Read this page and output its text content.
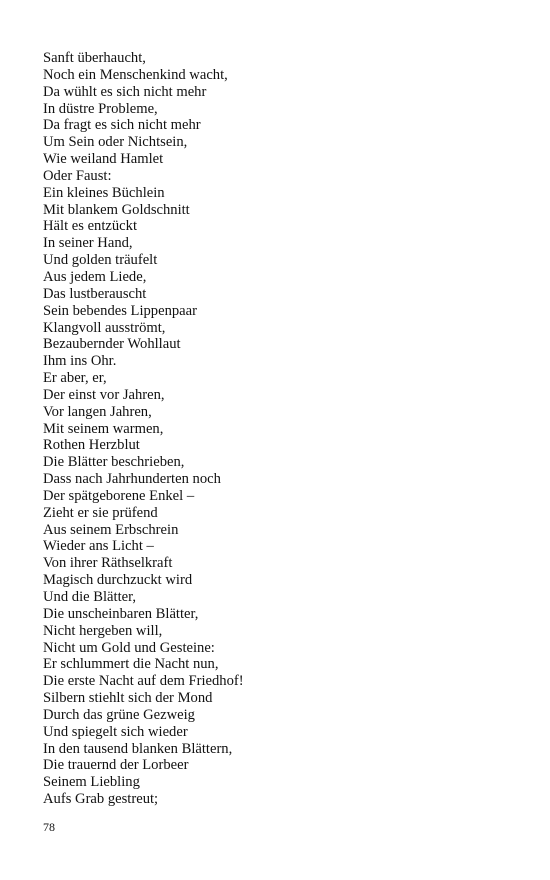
Sanft überhaucht,
Noch ein Menschenkind wacht,
Da wühlt es sich nicht mehr
In düstre Probleme,
Da fragt es sich nicht mehr
Um Sein oder Nichtsein,
Wie weiland Hamlet
Oder Faust:
Ein kleines Büchlein
Mit blankem Goldschnitt
Hält es entzückt
In seiner Hand,
Und golden träufelt
Aus jedem Liede,
Das lustberauscht
Sein bebendes Lippenpaar
Klangvoll ausströmt,
Bezaubernder Wohllaut
Ihm ins Ohr.
Er aber, er,
Der einst vor Jahren,
Vor langen Jahren,
Mit seinem warmen,
Rothen Herzblut
Die Blätter beschrieben,
Dass nach Jahrhunderten noch
Der spätgeborene Enkel –
Zieht er sie prüfend
Aus seinem Erbschrein
Wieder ans Licht –
Von ihrer Räthselkraft
Magisch durchzuckt wird
Und die Blätter,
Die unscheinbaren Blätter,
Nicht hergeben will,
Nicht um Gold und Gesteine:
Er schlummert die Nacht nun,
Die erste Nacht auf dem Friedhof!
Silbern stiehlt sich der Mond
Durch das grüne Gezweig
Und spiegelt sich wieder
In den tausend blanken Blättern,
Die trauernd der Lorbeer
Seinem Liebling
Aufs Grab gestreut;
78
